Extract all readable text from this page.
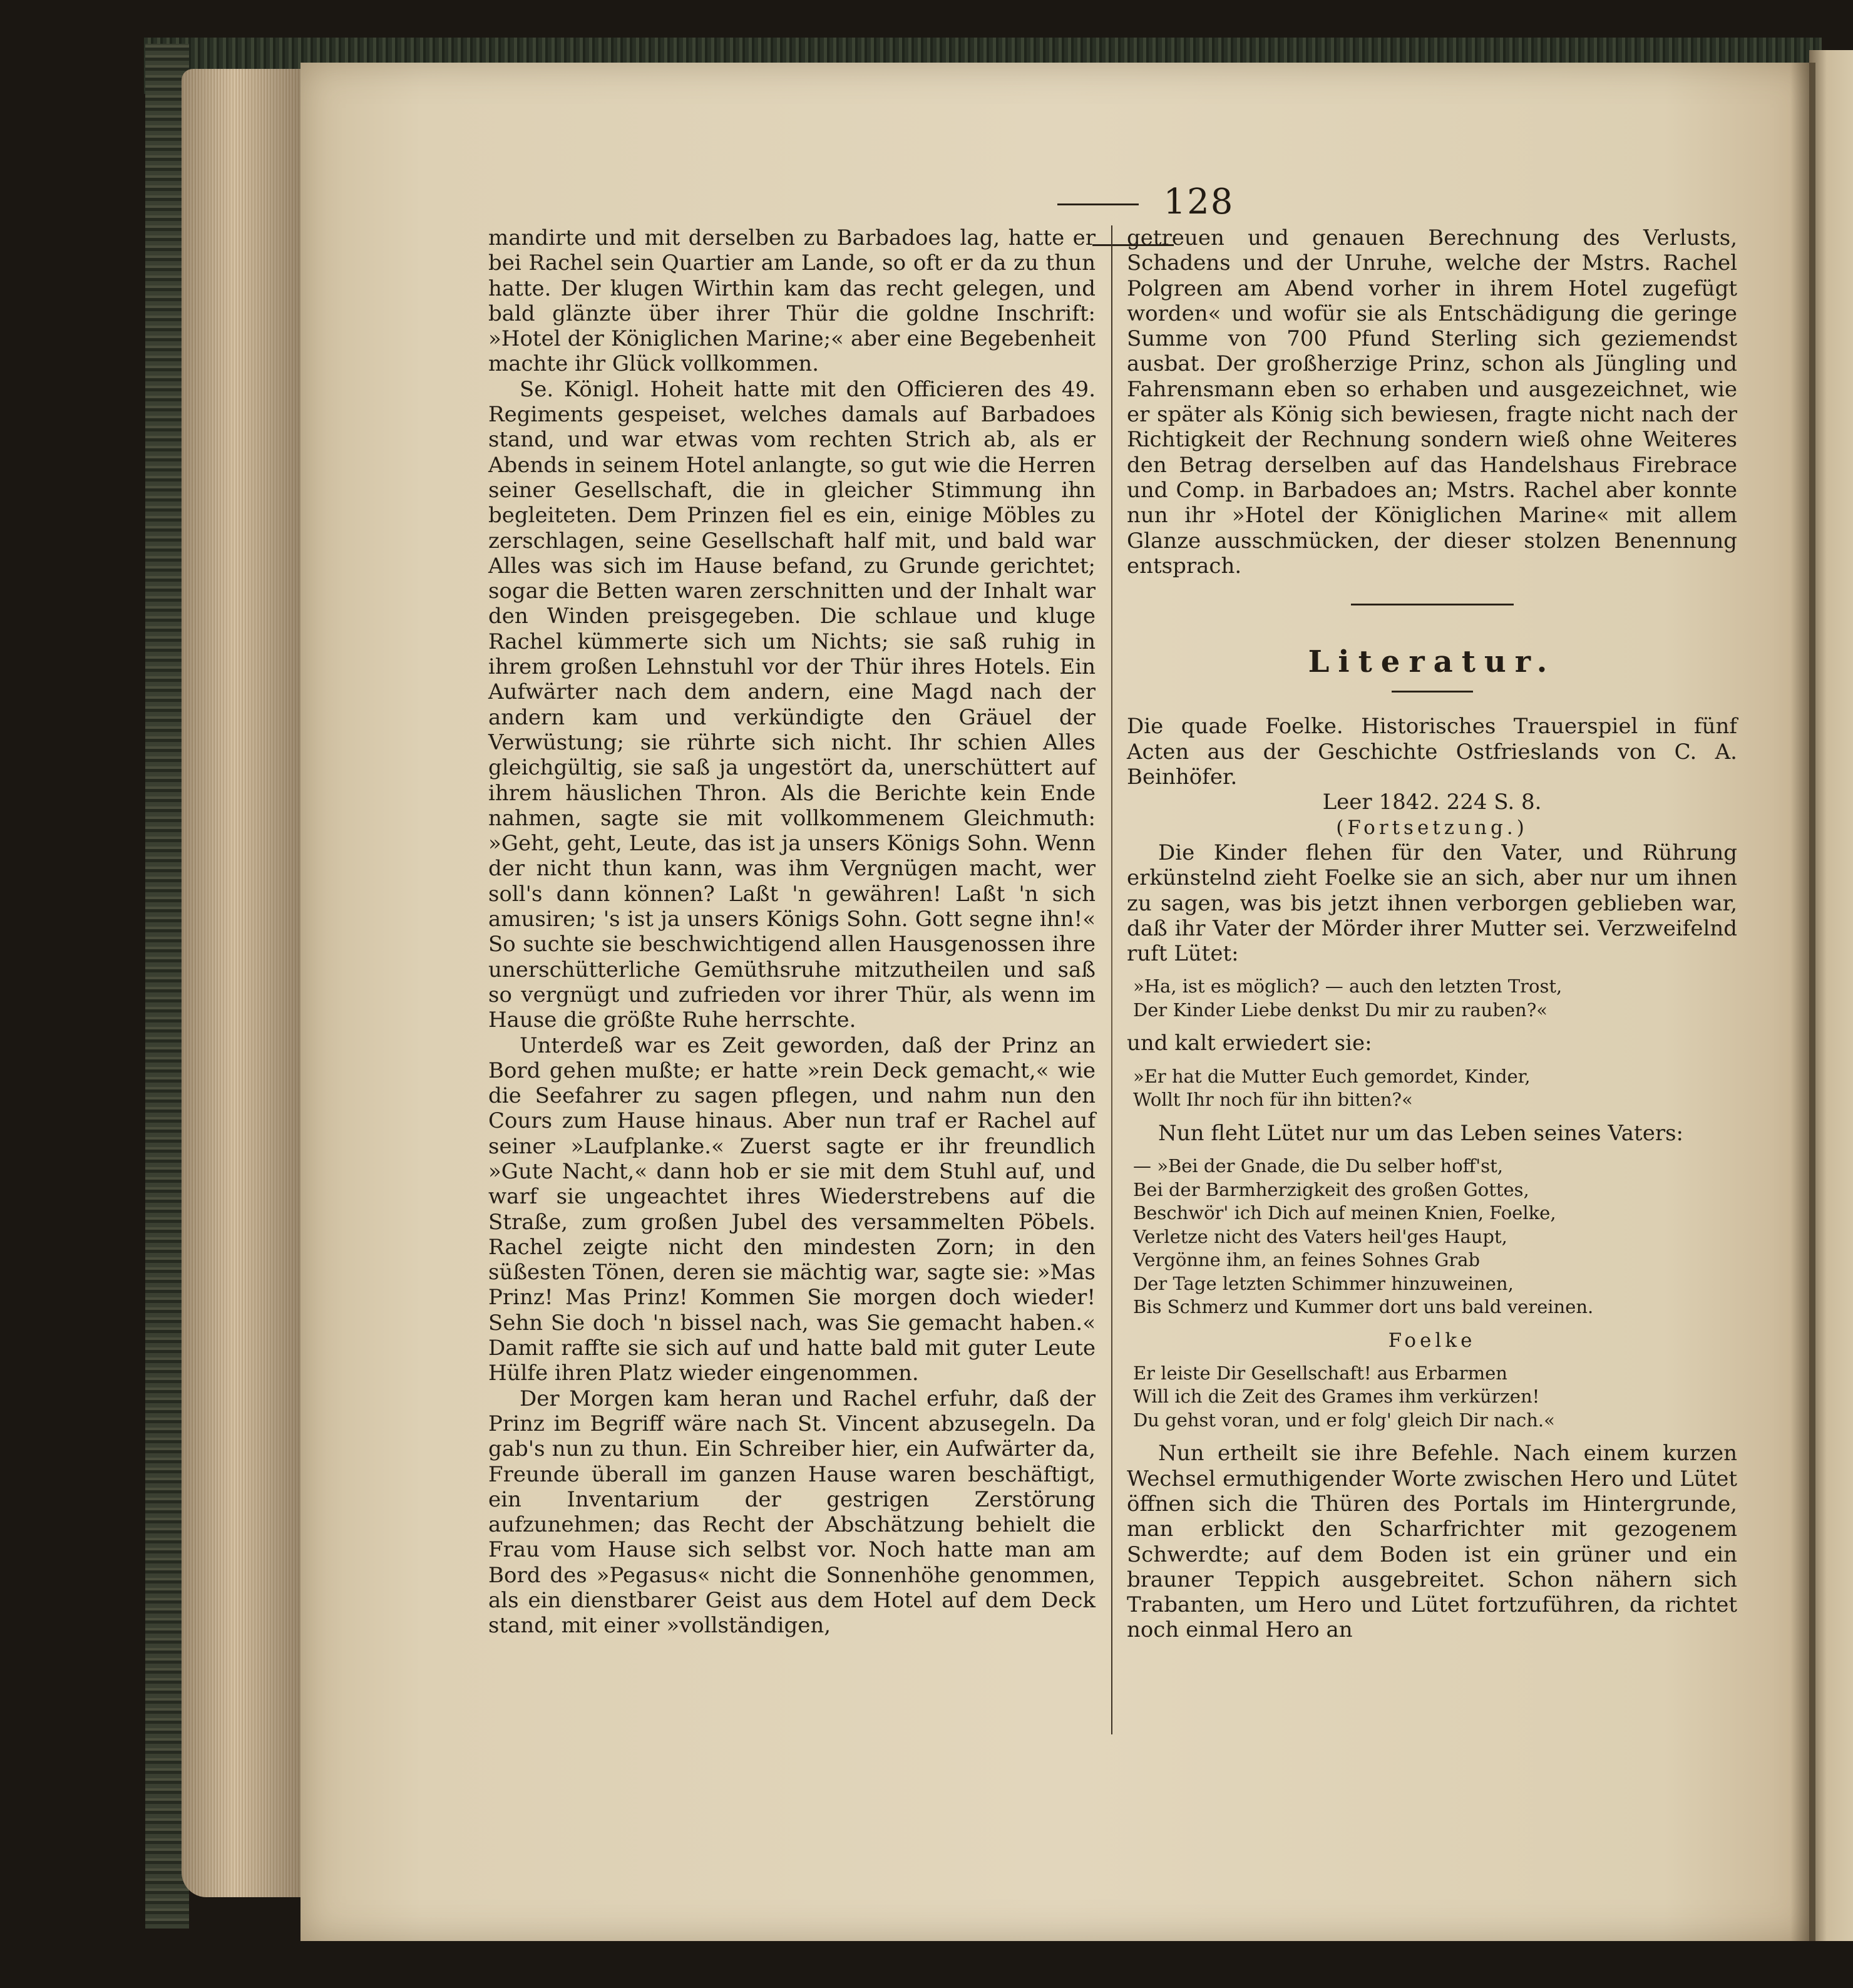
128

mandirte und mit derselben zu Barbadoes lag, hatte er bei Rachel sein Quartier am Lande, so oft er da zu thun hatte. Der klugen Wirthin kam das recht gelegen, und bald glänzte über ihrer Thür die goldne Inschrift: »Hotel der Königlichen Marine;« aber eine Begebenheit machte ihr Glück vollkommen.

Se. Königl. Hoheit hatte mit den Officieren des 49. Regiments gespeiset, welches damals auf Barbadoes stand, und war etwas vom rechten Strich ab, als er Abends in seinem Hotel anlangte, so gut wie die Herren seiner Gesellschaft, die in gleicher Stimmung ihn begleiteten. Dem Prinzen fiel es ein, einige Möbles zu zerschlagen, seine Gesellschaft half mit, und bald war Alles was sich im Hause befand, zu Grunde gerichtet; sogar die Betten waren zerschnitten und der Inhalt war den Winden preisgegeben. Die schlaue und kluge Rachel kümmerte sich um Nichts; sie saß ruhig in ihrem großen Lehnstuhl vor der Thür ihres Hotels. Ein Aufwärter nach dem andern, eine Magd nach der andern kam und verkündigte den Gräuel der Verwüstung; sie rührte sich nicht. Ihr schien Alles gleichgültig, sie saß ja ungestört da, unerschüttert auf ihrem häuslichen Thron. Als die Berichte kein Ende nahmen, sagte sie mit vollkommenem Gleichmuth: »Geht, geht, Leute, das ist ja unsers Königs Sohn. Wenn der nicht thun kann, was ihm Vergnügen macht, wer soll's dann können? Laßt 'n gewähren! Laßt 'n sich amusiren; 's ist ja unsers Königs Sohn. Gott segne ihn!« So suchte sie beschwichtigend allen Hausgenossen ihre unerschütterliche Gemüthsruhe mitzutheilen und saß so vergnügt und zufrieden vor ihrer Thür, als wenn im Hause die größte Ruhe herrschte.

Unterdeß war es Zeit geworden, daß der Prinz an Bord gehen mußte; er hatte »rein Deck gemacht,« wie die Seefahrer zu sagen pflegen, und nahm nun den Cours zum Hause hinaus. Aber nun traf er Rachel auf seiner »Laufplanke.« Zuerst sagte er ihr freundlich »Gute Nacht,« dann hob er sie mit dem Stuhl auf, und warf sie ungeachtet ihres Wiederstrebens auf die Straße, zum großen Jubel des versammelten Pöbels. Rachel zeigte nicht den mindesten Zorn; in den süßesten Tönen, deren sie mächtig war, sagte sie: »Mas Prinz! Mas Prinz! Kommen Sie morgen doch wieder! Sehn Sie doch 'n bissel nach, was Sie gemacht haben.« Damit raffte sie sich auf und hatte bald mit guter Leute Hülfe ihren Platz wieder eingenommen.

Der Morgen kam heran und Rachel erfuhr, daß der Prinz im Begriff wäre nach St. Vincent abzusegeln. Da gab's nun zu thun. Ein Schreiber hier, ein Aufwärter da, Freunde überall im ganzen Hause waren beschäftigt, ein Inventarium der gestrigen Zerstörung aufzunehmen; das Recht der Abschätzung behielt die Frau vom Hause sich selbst vor. Noch hatte man am Bord des »Pegasus« nicht die Sonnenhöhe genommen, als ein dienstbarer Geist aus dem Hotel auf dem Deck stand, mit einer »vollständigen,

getreuen und genauen Berechnung des Verlusts, Schadens und der Unruhe, welche der Mstrs. Rachel Polgreen am Abend vorher in ihrem Hotel zugefügt worden« und wofür sie als Entschädigung die geringe Summe von 700 Pfund Sterling sich geziemendst ausbat. Der großherzige Prinz, schon als Jüngling und Fahrensmann eben so erhaben und ausgezeichnet, wie er später als König sich bewiesen, fragte nicht nach der Richtigkeit der Rechnung sondern wieß ohne Weiteres den Betrag derselben auf das Handelshaus Firebrace und Comp. in Barbadoes an; Mstrs. Rachel aber konnte nun ihr »Hotel der Königlichen Marine« mit allem Glanze ausschmücken, der dieser stolzen Benennung entsprach.

Literatur.

Die quade Foelke. Historisches Trauerspiel in fünf Acten aus der Geschichte Ostfrieslands von C. A. Beinhöfer.

Leer 1842. 224 S. 8.

(Fortsetzung.)

Die Kinder flehen für den Vater, und Rührung erkünstelnd zieht Foelke sie an sich, aber nur um ihnen zu sagen, was bis jetzt ihnen verborgen geblieben war, daß ihr Vater der Mörder ihrer Mutter sei. Verzweifelnd ruft Lütet:

»Ha, ist es möglich? — auch den letzten Trost,
Der Kinder Liebe denkst Du mir zu rauben?«

und kalt erwiedert sie:

»Er hat die Mutter Euch gemordet, Kinder,
Wollt Ihr noch für ihn bitten?«

Nun fleht Lütet nur um das Leben seines Vaters:

— »Bei der Gnade, die Du selber hoff'st,
Bei der Barmherzigkeit des großen Gottes,
Beschwör' ich Dich auf meinen Knien, Foelke,
Verletze nicht des Vaters heil'ges Haupt,
Vergönne ihm, an feines Sohnes Grab
Der Tage letzten Schimmer hinzuweinen,
Bis Schmerz und Kummer dort uns bald vereinen.
Foelke
Er leiste Dir Gesellschaft! aus Erbarmen
Will ich die Zeit des Grames ihm verkürzen!
Du gehst voran, und er folg' gleich Dir nach.«

Nun ertheilt sie ihre Befehle. Nach einem kurzen Wechsel ermuthigender Worte zwischen Hero und Lütet öffnen sich die Thüren des Portals im Hintergrunde, man erblickt den Scharfrichter mit gezogenem Schwerdte; auf dem Boden ist ein grüner und ein brauner Teppich ausgebreitet. Schon nähern sich Trabanten, um Hero und Lütet fortzuführen, da richtet noch einmal Hero an
